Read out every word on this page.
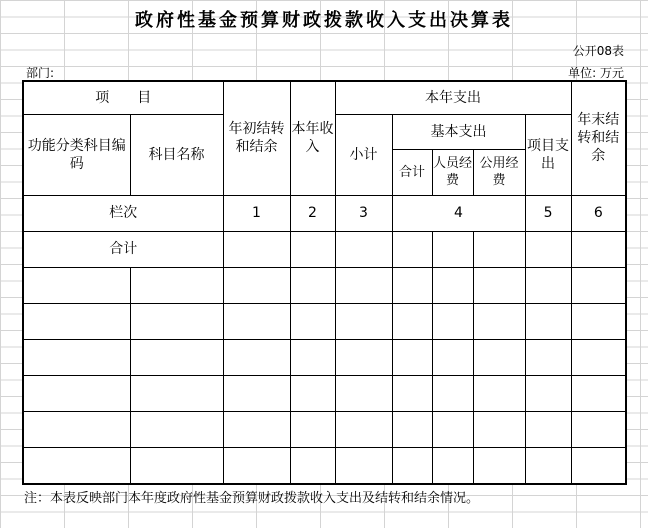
政府性基金预算财政拨款收入支出决算表
公开08表
部门:	单位: 万元
项　　目		年初结转和结余	本年收入	本年支出					年末结转和结余
功能分类科目编码	科目名称			小计	基本支出			项目支出	
					合计	人员经费	公用经费		
栏次		1	2	3	4			5	6
合计									

注：本表反映部门本年度政府性基金预算财政拨款收入支出及结转和结余情况。
